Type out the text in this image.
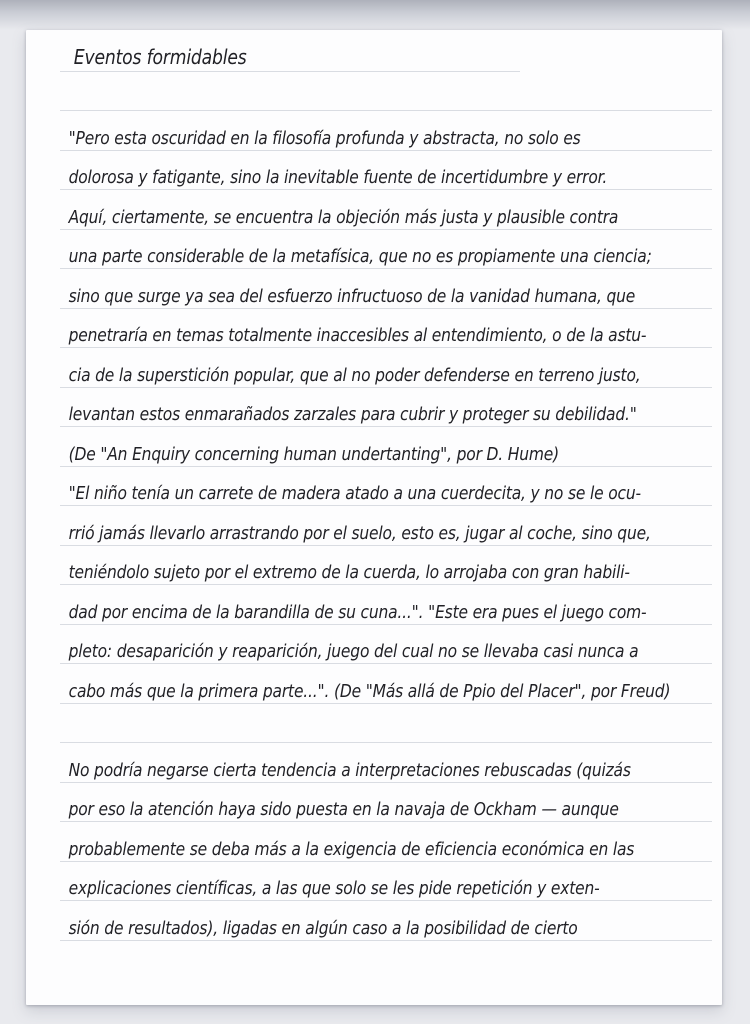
Eventos formidables
"Pero esta oscuridad en la filosofía profunda y abstracta, no solo es
dolorosa y fatigante, sino la inevitable fuente de incertidumbre y error.
Aquí, ciertamente, se encuentra la objeción más justa y plausible contra
una parte considerable de la metafísica, que no es propiamente una ciencia;
sino que surge ya sea del esfuerzo infructuoso de la vanidad humana, que
penetraría en temas totalmente inaccesibles al entendimiento, o de la astu-
cia de la superstición popular, que al no poder defenderse en terreno justo,
levantan estos enmarañados zarzales para cubrir y proteger su debilidad."
(De "An Enquiry concerning human undertanting", por D. Hume)
"El niño tenía un carrete de madera atado a una cuerdecita, y no se le ocu-
rrió jamás llevarlo arrastrando por el suelo, esto es, jugar al coche, sino que,
teniéndolo sujeto por el extremo de la cuerda, lo arrojaba con gran habili-
dad por encima de la barandilla de su cuna...". "Este era pues el juego com-
pleto: desaparición y reaparición, juego del cual no se llevaba casi nunca a
cabo más que la primera parte...". (De "Más allá de Ppio del Placer", por Freud)
No podría negarse cierta tendencia a interpretaciones rebuscadas (quizás
por eso la atención haya sido puesta en la navaja de Ockham — aunque
probablemente se deba más a la exigencia de eficiencia económica en las
explicaciones científicas, a las que solo se les pide repetición y exten-
sión de resultados), ligadas en algún caso a la posibilidad de cierto
